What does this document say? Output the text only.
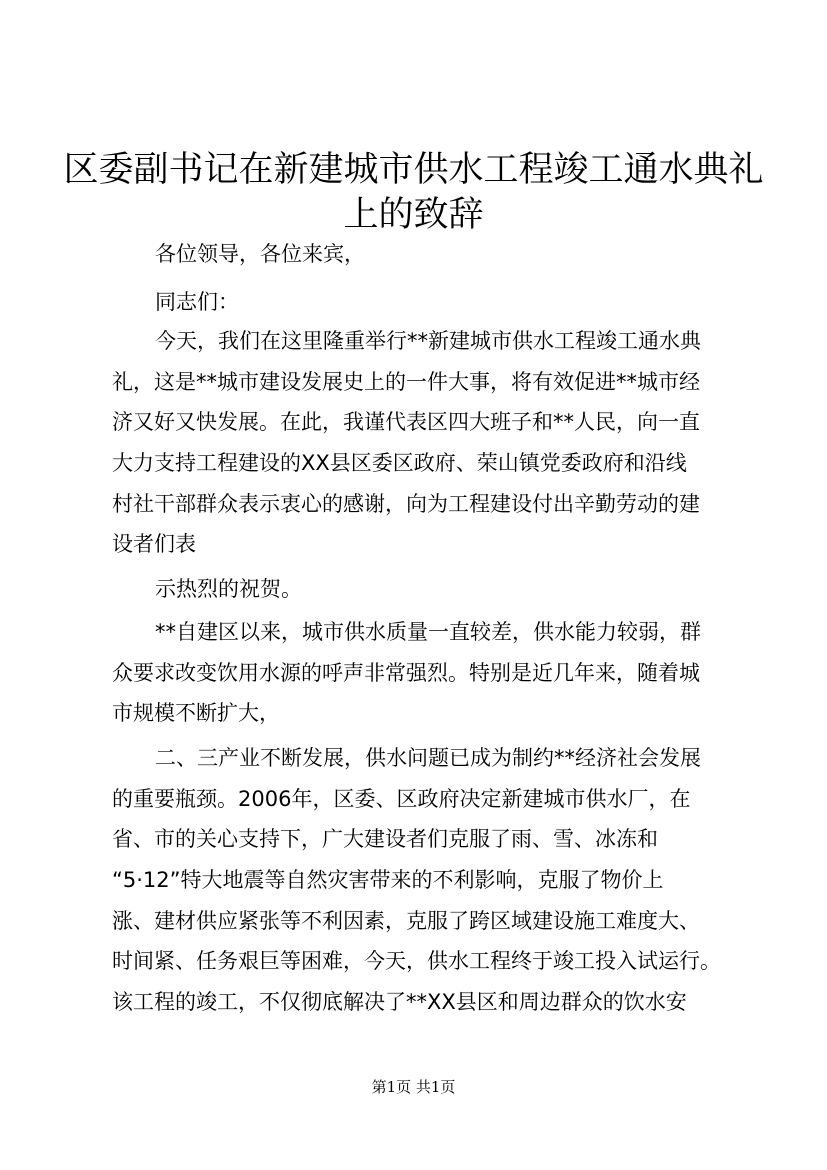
区委副书记在新建城市供水工程竣工通水典礼
上的致辞
各位领导，各位来宾，
同志们：
今天，我们在这里隆重举行**新建城市供水工程竣工通水典
礼，这是**城市建设发展史上的一件大事，将有效促进**城市经
济又好又快发展。在此，我谨代表区四大班子和**人民，向一直
大力支持工程建设的XX县区委区政府、荣山镇党委政府和沿线
村社干部群众表示衷心的感谢，向为工程建设付出辛勤劳动的建
设者们表
示热烈的祝贺。
**自建区以来，城市供水质量一直较差，供水能力较弱，群
众要求改变饮用水源的呼声非常强烈。特别是近几年来，随着城
市规模不断扩大，
二、三产业不断发展，供水问题已成为制约**经济社会发展
的重要瓶颈。2006年，区委、区政府决定新建城市供水厂，在
省、市的关心支持下，广大建设者们克服了雨、雪、冰冻和
“5·12”特大地震等自然灾害带来的不利影响，克服了物价上
涨、建材供应紧张等不利因素，克服了跨区域建设施工难度大、
时间紧、任务艰巨等困难，今天，供水工程终于竣工投入试运行。
该工程的竣工，不仅彻底解决了**XX县区和周边群众的饮水安
第1页 共1页
